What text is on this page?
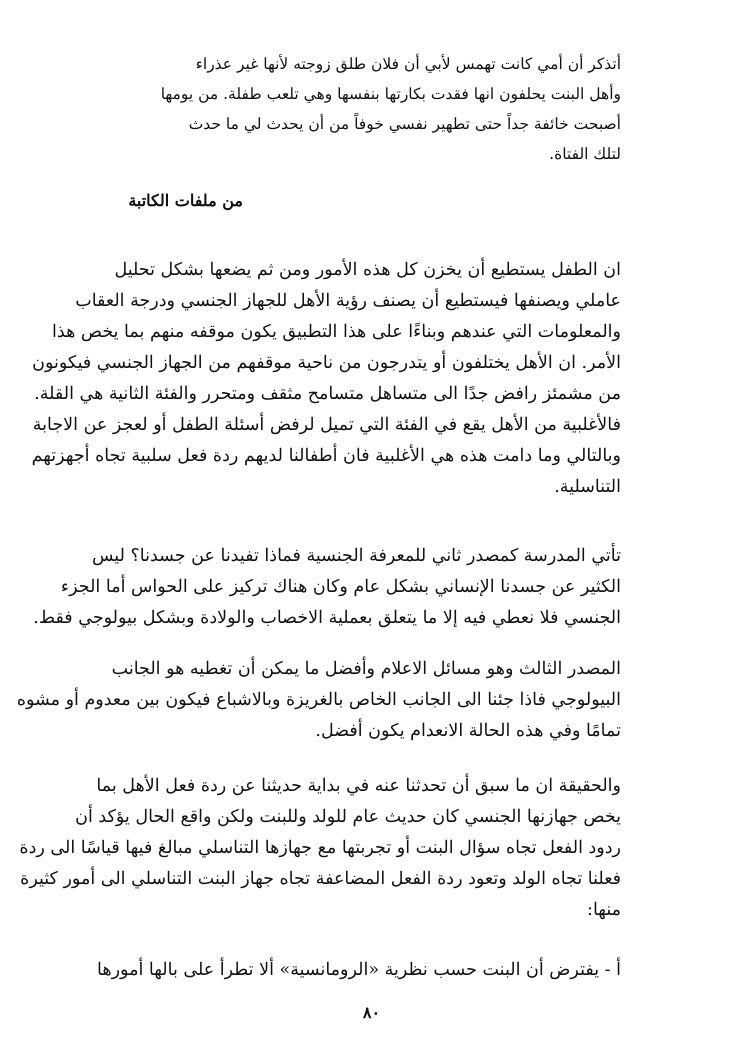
أتذكر أن أمي كانت تهمس لأبي أن فلان طلق زوجته لأنها غير عذراء
وأهل البنت يحلفون انها فقدت بكارتها بنفسها وهي تلعب طفلة. من يومها
أصبحت خائفة جداً حتى تطهير نفسي خوفاً من أن يحدث لي ما حدث
لتلك الفتاة.
من ملفات الكاتبة
ان الطفل يستطيع أن يخزن كل هذه الأمور ومن ثم يضعها بشكل تحليل
عاملي ويصنفها فيستطيع أن يصنف رؤية الأهل للجهاز الجنسي ودرجة العقاب
والمعلومات التي عندهم وبناءًا على هذا التطبيق يكون موقفه منهم بما يخص هذا
الأمر. ان الأهل يختلفون أو يتدرجون من ناحية موقفهم من الجهاز الجنسي فيكونون
من مشمئز رافض جدًا الى متساهل متسامح مثقف ومتحرر والفئة الثانية هي القلة.
فالأغلبية من الأهل يقع في الفئة التي تميل لرفض أسئلة الطفل أو لعجز عن الاجابة
وبالتالي وما دامت هذه هي الأغلبية فان أطفالنا لديهم ردة فعل سلبية تجاه أجهزتهم
التناسلية.
تأتي المدرسة كمصدر ثاني للمعرفة الجنسية فماذا تفيدنا عن جسدنا؟ ليس
الكثير عن جسدنا الإنساني بشكل عام وكان هناك تركيز على الحواس أما الجزء
الجنسي فلا نعطي فيه إلا ما يتعلق بعملية الاخصاب والولادة وبشكل بيولوجي فقط.
المصدر الثالث وهو مسائل الاعلام وأفضل ما يمكن أن تغطيه هو الجانب
البيولوجي فاذا جئنا الى الجانب الخاص بالغريزة وبالاشباع فيكون بين معدوم أو مشوه
تمامًا وفي هذه الحالة الانعدام يكون أفضل.
والحقيقة ان ما سبق أن تحدثنا عنه في بداية حديثنا عن ردة فعل الأهل بما
يخص جهازنها الجنسي كان حديث عام للولد وللبنت ولكن واقع الحال يؤكد أن
ردود الفعل تجاه سؤال البنت أو تجربتها مع جهازها التناسلي مبالغ فيها قياسًا الى ردة
فعلنا تجاه الولد وتعود ردة الفعل المضاعفة تجاه جهاز البنت التناسلي الى أمور كثيرة
منها:
أ - يفترض أن البنت حسب نظرية «الرومانسية» ألا تطرأ على بالها أمورها
٨٠
